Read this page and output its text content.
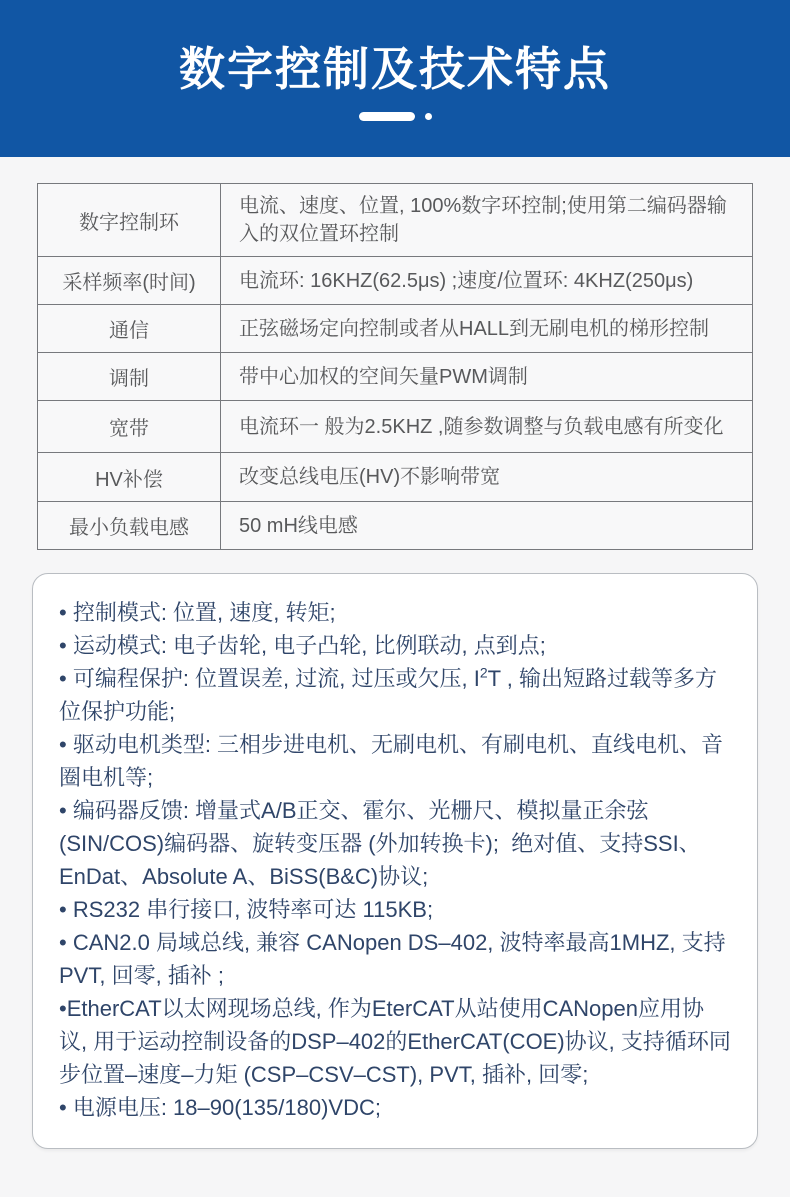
数字控制及技术特点
数字控制环	电流、速度、位置, 100%数字环控制;使用第二编码器输入的双位置环控制
采样频率(时间)	电流环: 16KHZ(62.5μs) ;速度/位置环: 4KHZ(250μs)
通信	正弦磁场定向控制或者从HALL到无刷电机的梯形控制
调制	带中心加权的空间矢量PWM调制
宽带	电流环一 般为2.5KHZ ,随参数调整与负载电感有所变化
HV补偿	改变总线电压(HV)不影响带宽
最小负载电感	50 mH线电感

• 控制模式: 位置, 速度, 转矩;

• 运动模式: 电子齿轮, 电子凸轮, 比例联动, 点到点;

• 可编程保护: 位置误差, 过流, 过压或欠压, $I^2T$ , 输出短路过载等多方位保护功能;

• 驱动电机类型: 三相步进电机、无刷电机、有刷电机、直线电机、音圈电机等;

• 编码器反馈: 增量式A/B正交、霍尔、光栅尺、模拟量正余弦(SIN/COS)编码器、旋转变压器 (外加转换卡);  绝对值、支持SSI、EnDat、Absolute A、BiSS(B&C)协议;

• RS232 串行接口, 波特率可达 115KB;

• CAN2.0 局域总线, 兼容 CANopen DS–402, 波特率最高1MHZ, 支持PVT, 回零, 插补 ;

•EtherCAT以太网现场总线, 作为EterCAT从站使用CANopen应用协议, 用于运动控制设备的DSP–402的EtherCAT(COE)协议, 支持循环同步位置–速度–力矩 (CSP–CSV–CST), PVT, 插补, 回零;

• 电源电压: 18–90(135/180)VDC;
